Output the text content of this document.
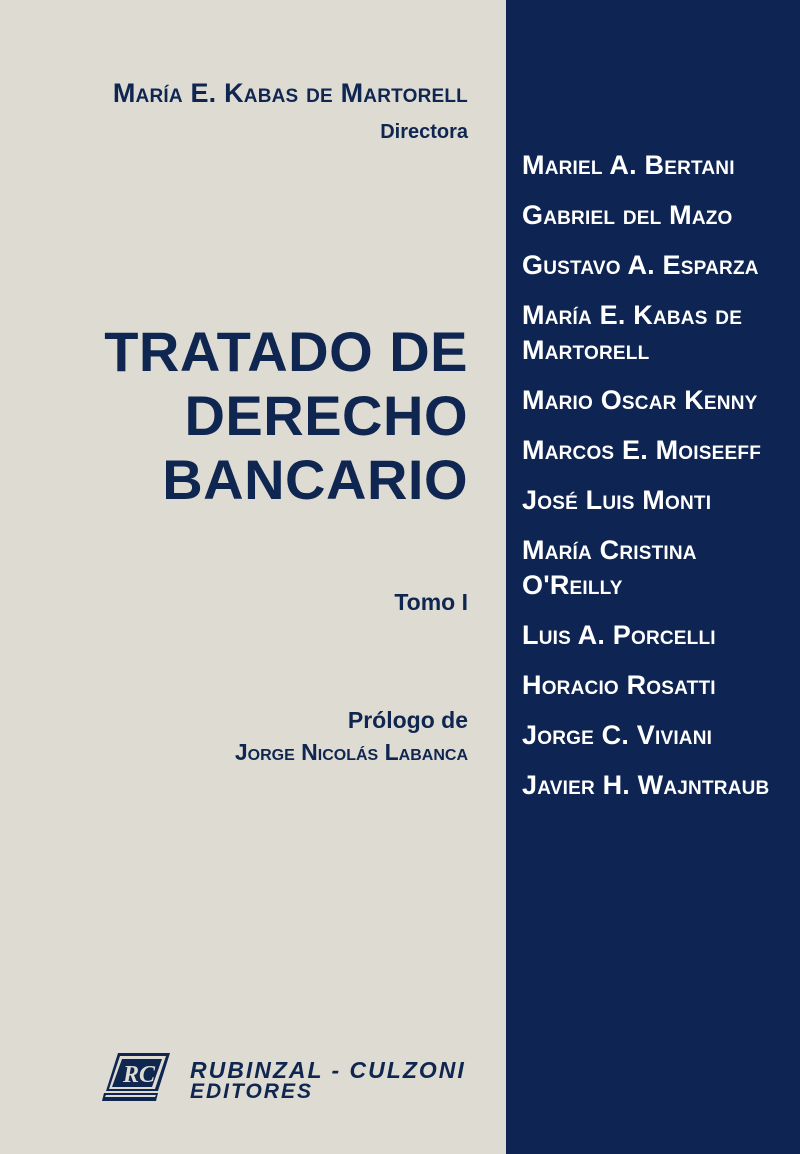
María E. Kabas de Martorell
Directora
TRATADO DE
DERECHO
BANCARIO
Tomo I
Prólogo de
Jorge Nicolás Labanca
Mariel A. Bertani
Gabriel del Mazo
Gustavo A. Esparza
María E. Kabas de Martorell
Mario Oscar Kenny
Marcos E. Moiseeff
José Luis Monti
María Cristina O'Reilly
Luis A. Porcelli
Horacio Rosatti
Jorge C. Viviani
Javier H. Wajntraub
RC RUBINZAL - CULZONI
EDITORES
